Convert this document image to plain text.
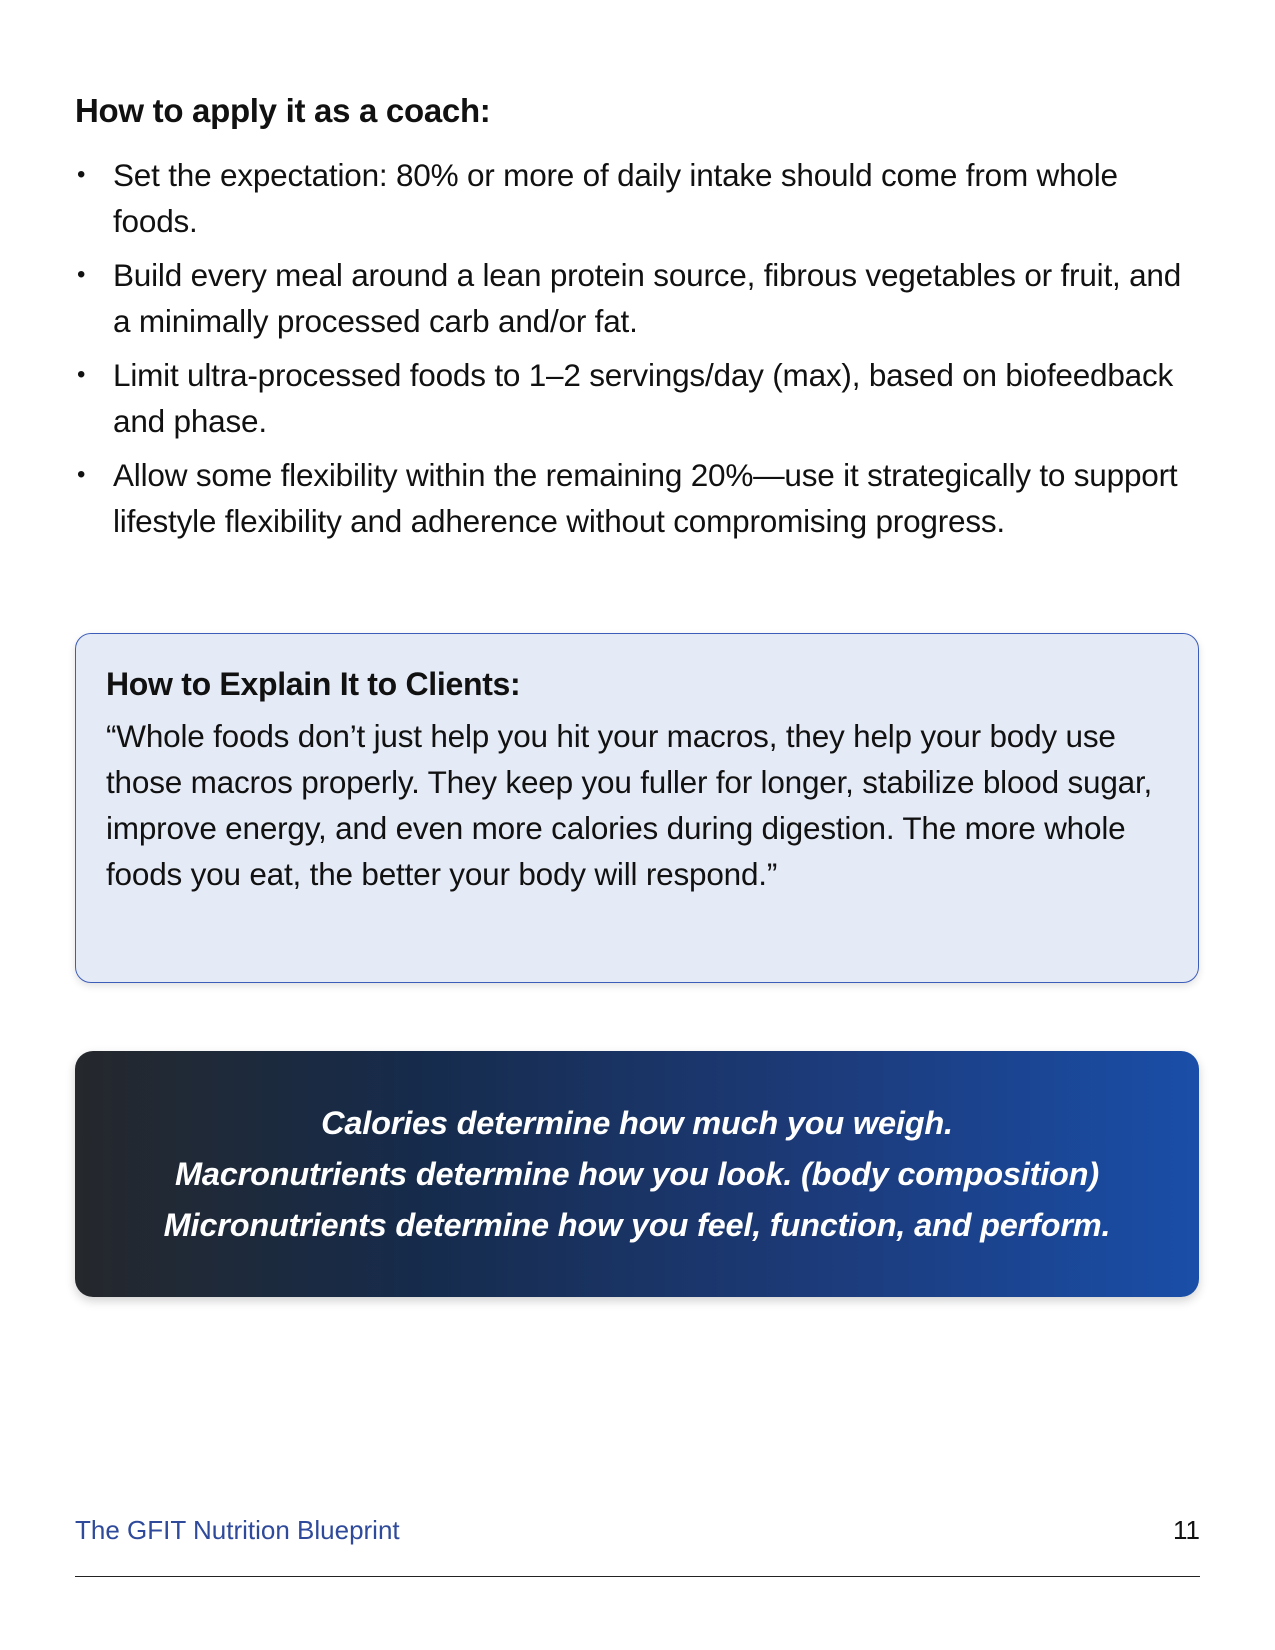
How to apply it as a coach:
• Set the expectation: 80% or more of daily intake should come from whole foods.
• Build every meal around a lean protein source, fibrous vegetables or fruit, and a minimally processed carb and/or fat.
• Limit ultra-processed foods to 1–2 servings/day (max), based on biofeedback and phase.
• Allow some flexibility within the remaining 20%—use it strategically to support lifestyle flexibility and adherence without compromising progress.
How to Explain It to Clients:
“Whole foods don’t just help you hit your macros, they help your body use those macros properly. They keep you fuller for longer, stabilize blood sugar, improve energy, and even more calories during digestion. The more whole foods you eat, the better your body will respond.”
Calories determine how much you weigh.
Macronutrients determine how you look. (body composition)
Micronutrients determine how you feel, function, and perform.
The GFIT Nutrition Blueprint	11
